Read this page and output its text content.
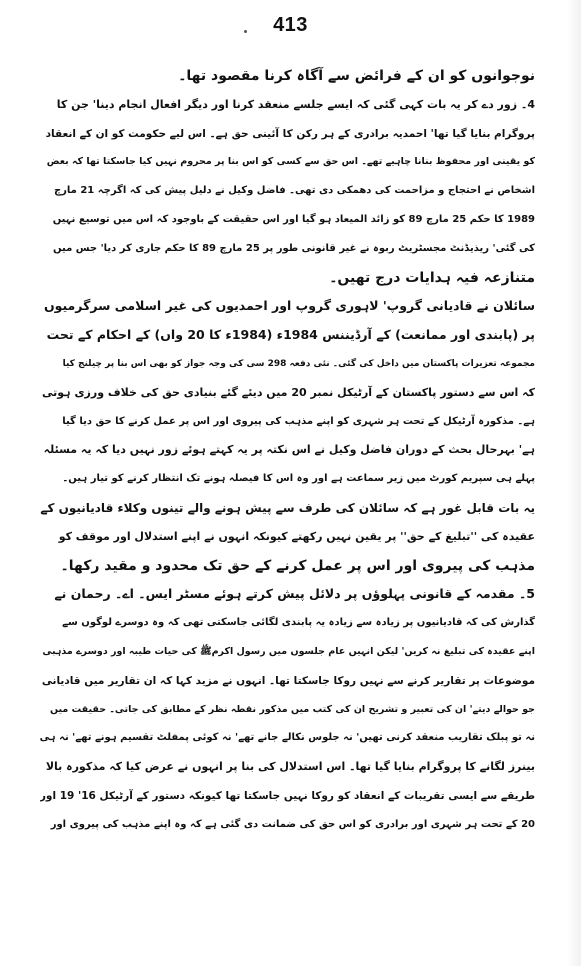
413
نوجوانوں کو ان کے فرائض سے آگاہ کرنا مقصود تھا۔
4۔ زور دے کر یہ بات کہی گئی کہ ایسے جلسے منعقد کرنا اور دیگر افعال انجام دینا' جن کا
پروگرام بنایا گیا تھا' احمدیہ برادری کے ہر رکن کا آئینی حق ہے۔ اس لیے حکومت کو ان کے انعقاد
کو یقینی اور محفوظ بنانا چاہیے تھے۔ اس حق سے کسی کو اس بنا پر محروم نہیں کیا جاسکتا تھا کہ بعض
اشخاص نے احتجاج و مزاحمت کی دھمکی دی تھی۔ فاضل وکیل نے دلیل پیش کی کہ اگرچہ 21 مارچ
1989 کا حکم 25 مارچ 89 کو زائد المیعاد ہو گیا اور اس حقیقت کے باوجود کہ اس میں توسیع نہیں
کی گئی' ریذیڈنٹ مجسٹریٹ ربوہ نے غیر قانونی طور پر 25 مارچ 89 کا حکم جاری کر دیا' جس میں
متنازعہ فیہ ہدایات درج تھیں۔
سائلان نے قادیانی گروپ' لاہوری گروپ اور احمدیوں کی غیر اسلامی سرگرمیوں
پر (پابندی اور ممانعت) کے آرڈیننس 1984ء (1984ء کا 20 واں) کے احکام کے تحت
مجموعہ تعزیرات پاکستان میں داخل کی گئی۔ نئی دفعہ 298 سی کی وجہ جواز کو بھی اس بنا پر چیلنج کیا
کہ اس سے دستور پاکستان کے آرٹیکل نمبر 20 میں دیئے گئے بنیادی حق کی خلاف ورزی ہوتی
ہے۔ مذکورہ آرٹیکل کے تحت ہر شہری کو اپنے مذہب کی پیروی اور اس پر عمل کرنے کا حق دیا گیا
ہے' بہرحال بحث کے دوران فاضل وکیل نے اس نکتہ پر یہ کہتے ہوئے زور نہیں دیا کہ یہ مسئلہ
پہلے ہی سپریم کورٹ میں زیر سماعت ہے اور وہ اس کا فیصلہ ہونے تک انتظار کرنے کو تیار ہیں۔
یہ بات قابل غور ہے کہ سائلان کی طرف سے پیش ہونے والے تینوں وکلاء قادیانیوں کے
عقیدہ کی ''تبلیغ کے حق'' پر یقین نہیں رکھتے کیونکہ انہوں نے اپنے استدلال اور موقف کو
مذہب کی پیروی اور اس پر عمل کرنے کے حق تک محدود و مقید رکھا۔
5۔ مقدمہ کے قانونی پہلوؤں پر دلائل پیش کرتے ہوئے مسٹر ایس۔ اے۔ رحمان نے
گذارش کی کہ قادیانیوں پر زیادہ سے زیادہ یہ پابندی لگائی جاسکتی تھی کہ وہ دوسرے لوگوں سے
اپنے عقیدہ کی تبلیغ نہ کریں' لیکن انہیں عام جلسوں میں رسول اکرمﷺ کی حیات طیبہ اور دوسرے مذہبی
موضوعات پر تقاریر کرنے سے نہیں روکا جاسکتا تھا۔ انہوں نے مزید کہا کہ ان تقاریر میں قادیانی
جو حوالے دیتے' ان کی تعبیر و تشریح ان کی کتب میں مذکور نقطہ نظر کے مطابق کی جاتی۔ حقیقت میں
نہ تو پبلک تقاریب منعقد کرنی تھیں' نہ جلوس نکالے جانے تھے' نہ کوئی پمفلٹ تقسیم ہونے تھے' نہ ہی
بینرز لگانے کا پروگرام بنایا گیا تھا۔ اس استدلال کی بنا پر انہوں نے عرض کیا کہ مذکورہ بالا
طریقے سے ایسی تقریبات کے انعقاد کو روکا نہیں جاسکتا تھا کیونکہ دستور کے آرٹیکل 16' 19 اور
20 کے تحت ہر شہری اور برادری کو اس حق کی ضمانت دی گئی ہے کہ وہ اپنے مذہب کی پیروی اور
